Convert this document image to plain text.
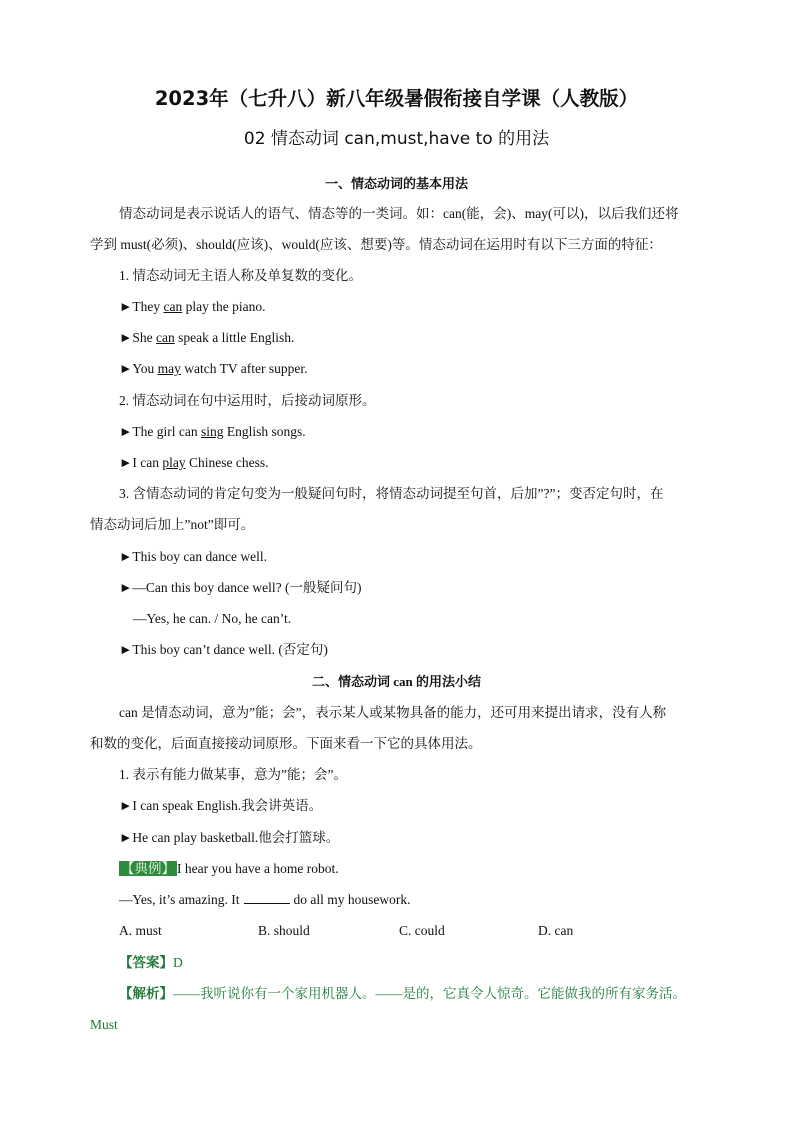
2023年（七升八）新八年级暑假衔接自学课（人教版）
02 情态动词 can,must,have to 的用法
一、情态动词的基本用法
情态动词是表示说话人的语气、情态等的一类词。如：can(能，会)、may(可以)，以后我们还将
学到 must(必须)、should(应该)、would(应该、想要)等。情态动词在运用时有以下三方面的特征：
1. 情态动词无主语人称及单复数的变化。
►They can play the piano.
►She can speak a little English.
►You may watch TV after supper.
2. 情态动词在句中运用时，后接动词原形。
►The girl can sing English songs.
►I can play Chinese chess.
3. 含情态动词的肯定句变为一般疑问句时，将情态动词提至句首，后加”?”；变否定句时，在
情态动词后加上”not”即可。
►This boy can dance well.
►—Can this boy dance well? (一般疑问句)
—Yes, he can. / No, he can’t.
►This boy can’t dance well. (否定句)
二、情态动词 can 的用法小结
can 是情态动词，意为”能；会”，表示某人或某物具备的能力，还可用来提出请求，没有人称
和数的变化，后面直接接动词原形。下面来看一下它的具体用法。
1. 表示有能力做某事，意为”能；会”。
►I can speak English.我会讲英语。
►He can play basketball.他会打篮球。
【典例】 I hear you have a home robot.
—Yes, it’s amazing. It	do all my housework.
A. must	B. should	C. could	D. can
【答案】D
【解析】——我听说你有一个家用机器人。——是的，它真令人惊奇。它能做我的所有家务活。
Must
